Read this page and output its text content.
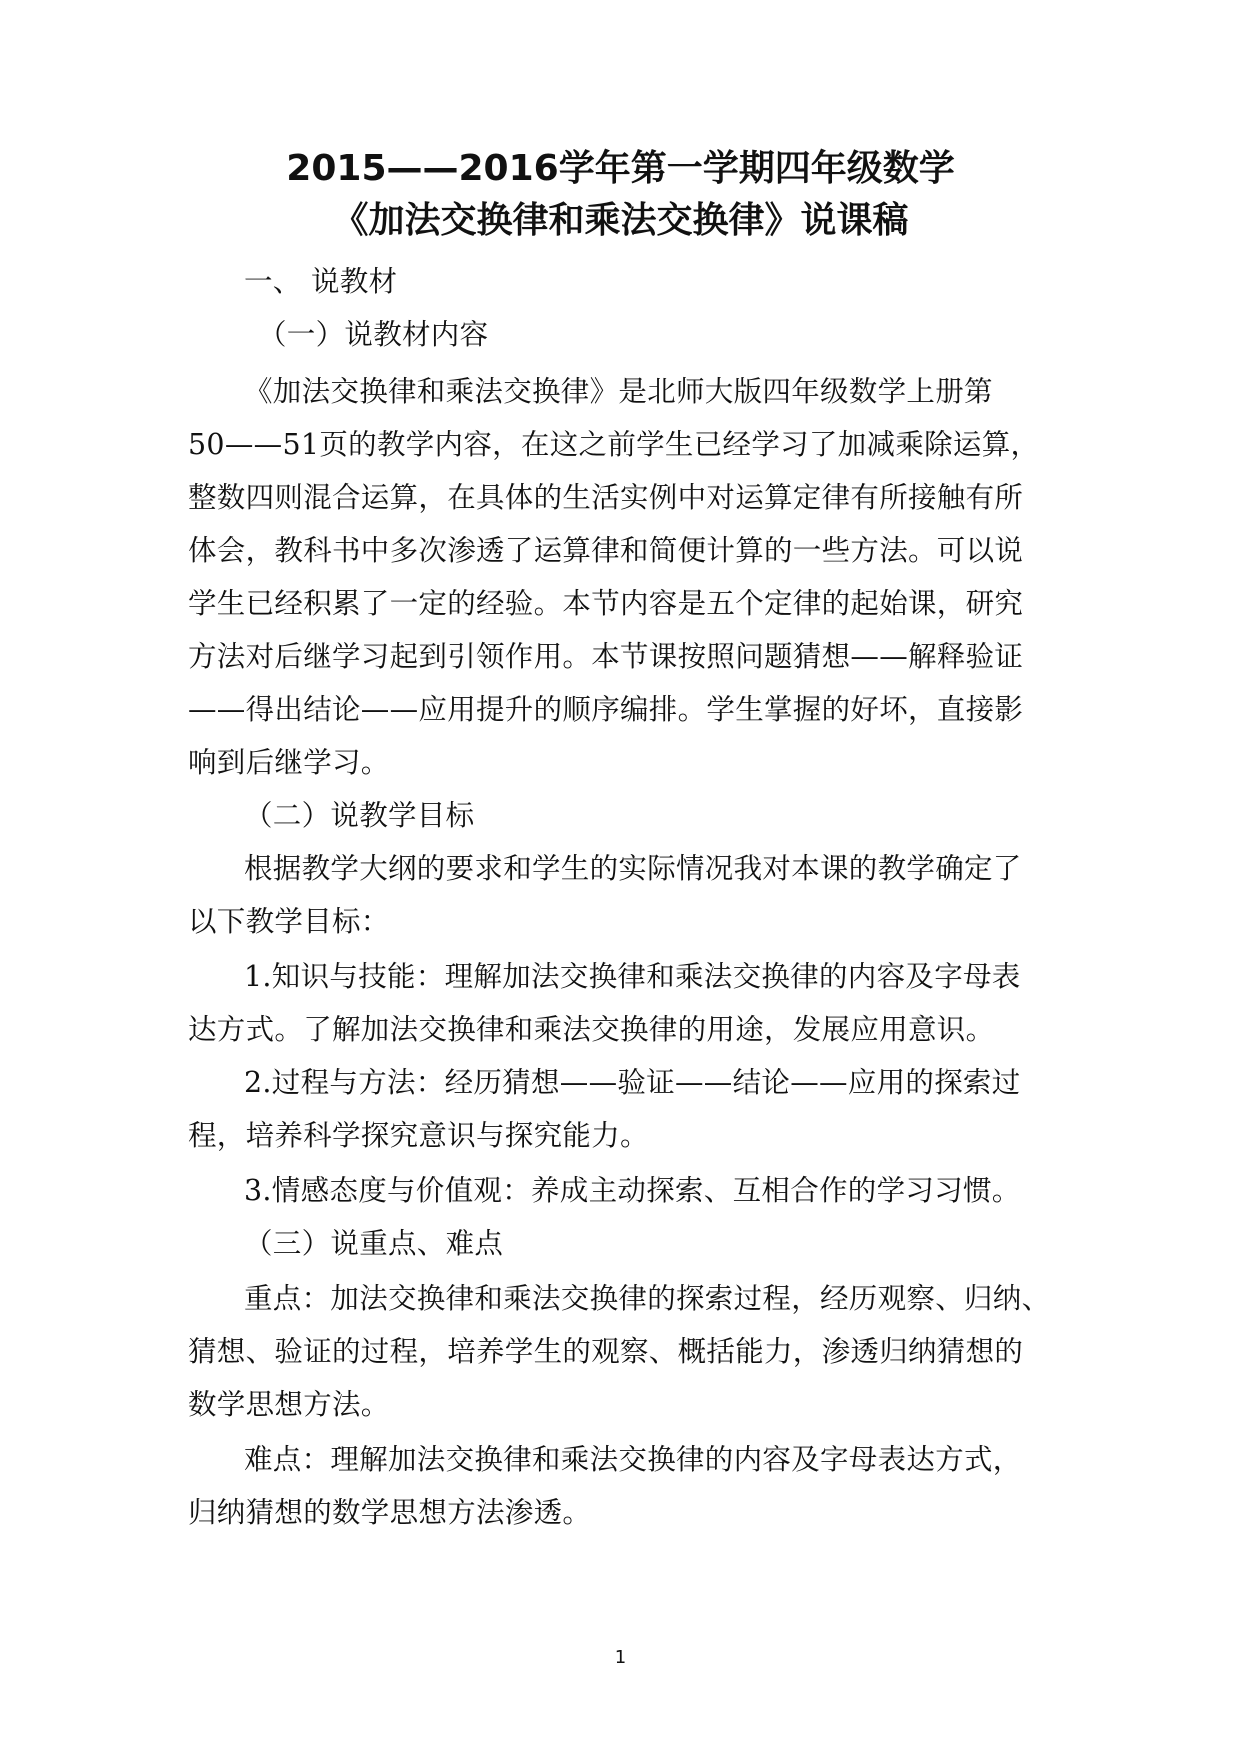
2015——2016学年第一学期四年级数学
《加法交换律和乘法交换律》说课稿
一、 说教材
（一）说教材内容
《加法交换律和乘法交换律》是北师大版四年级数学上册第
50——51页的教学内容，在这之前学生已经学习了加减乘除运算，
整数四则混合运算，在具体的生活实例中对运算定律有所接触有所
体会，教科书中多次渗透了运算律和简便计算的一些方法。可以说
学生已经积累了一定的经验。本节内容是五个定律的起始课，研究
方法对后继学习起到引领作用。本节课按照问题猜想——解释验证
——得出结论——应用提升的顺序编排。学生掌握的好坏，直接影
响到后继学习。
（二）说教学目标
根据教学大纲的要求和学生的实际情况我对本课的教学确定了
以下教学目标：
1.知识与技能：理解加法交换律和乘法交换律的内容及字母表
达方式。了解加法交换律和乘法交换律的用途，发展应用意识。
2.过程与方法：经历猜想——验证——结论——应用的探索过
程，培养科学探究意识与探究能力。
3.情感态度与价值观：养成主动探索、互相合作的学习习惯。
（三）说重点、难点
重点：加法交换律和乘法交换律的探索过程，经历观察、归纳、
猜想、验证的过程，培养学生的观察、概括能力，渗透归纳猜想的
数学思想方法。
难点：理解加法交换律和乘法交换律的内容及字母表达方式，
归纳猜想的数学思想方法渗透。
1
